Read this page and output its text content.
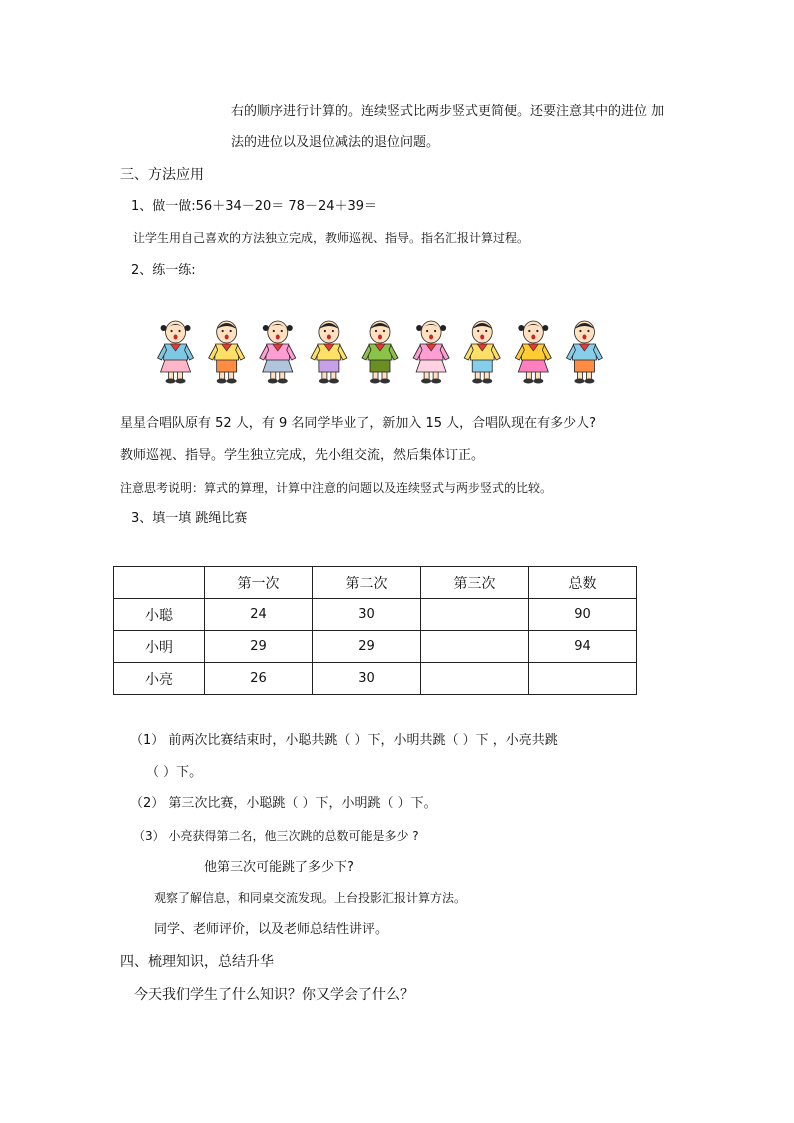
右的顺序进行计算的。连续竖式比两步竖式更简便。还要注意其中的进位 加
法的进位以及退位减法的退位问题。
三、方法应用
1、做一做:56＋34－20＝ 78－24＋39＝
让学生用自己喜欢的方法独立完成，教师巡视、指导。指名汇报计算过程。
2、练一练:
星星合唱队原有 52 人，有 9 名同学毕业了，新加入 15 人，合唱队现在有多少人?
教师巡视、指导。学生独立完成，先小组交流，然后集体订正。
注意思考说明：算式的算理，计算中注意的问题以及连续竖式与两步竖式的比较。
3、填一填 跳绳比赛
	第一次	第二次	第三次	总数
小聪	24	30		90
小明	29	29		94
小亮	26	30		
（1） 前两次比赛结束时，小聪共跳（ ）下，小明共跳（ ）下 ，小亮共跳
（ ）下。
（2） 第三次比赛，小聪跳（ ）下，小明跳（ ）下。
（3） 小亮获得第二名，他三次跳的总数可能是多少 ?
他第三次可能跳了多少下?
观察了解信息，和同桌交流发现。上台投影汇报计算方法。
同学、老师评价，以及老师总结性讲评。
四、梳理知识，总结升华
今天我们学生了什么知识？你又学会了什么？
